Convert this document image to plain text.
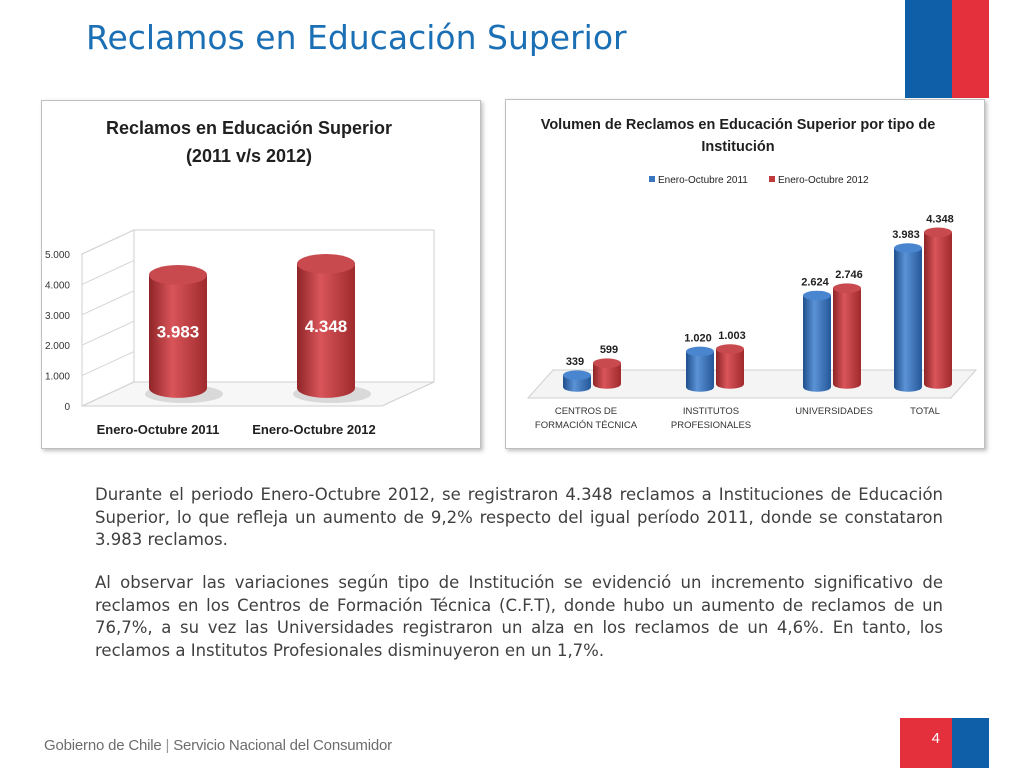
Reclamos en Educación Superior
Reclamos en Educación Superior
(2011 v/s 2012)
0
1.000
2.000
3.000
4.000
5.000
3.983
Enero-Octubre 2011
4.348
Enero-Octubre 2012
Volumen de Reclamos en Educación Superior por tipo de
Institución
Enero-Octubre 2011	Enero-Octubre 2012
339
599
CENTROS DE
FORMACIÓN TÉCNICA
1.020 1.003
INSTITUTOS
PROFESIONALES
2.624
2.746
UNIVERSIDADES
3.983
4.348
TOTAL
Durante el periodo Enero-Octubre 2012, se registraron 4.348 reclamos a Instituciones de Educación Superior, lo que refleja un aumento de 9,2% respecto del igual período 2011, donde se constataron 3.983 reclamos.
Al observar las variaciones según tipo de Institución se evidenció un incremento significativo de reclamos en los Centros de Formación Técnica (C.F.T), donde hubo un aumento de reclamos de un 76,7%, a su vez las Universidades registraron un alza en los reclamos de un 4,6%. En tanto, los reclamos a Institutos Profesionales disminuyeron en un 1,7%.
Gobierno de Chile | Servicio Nacional del Consumidor	4
